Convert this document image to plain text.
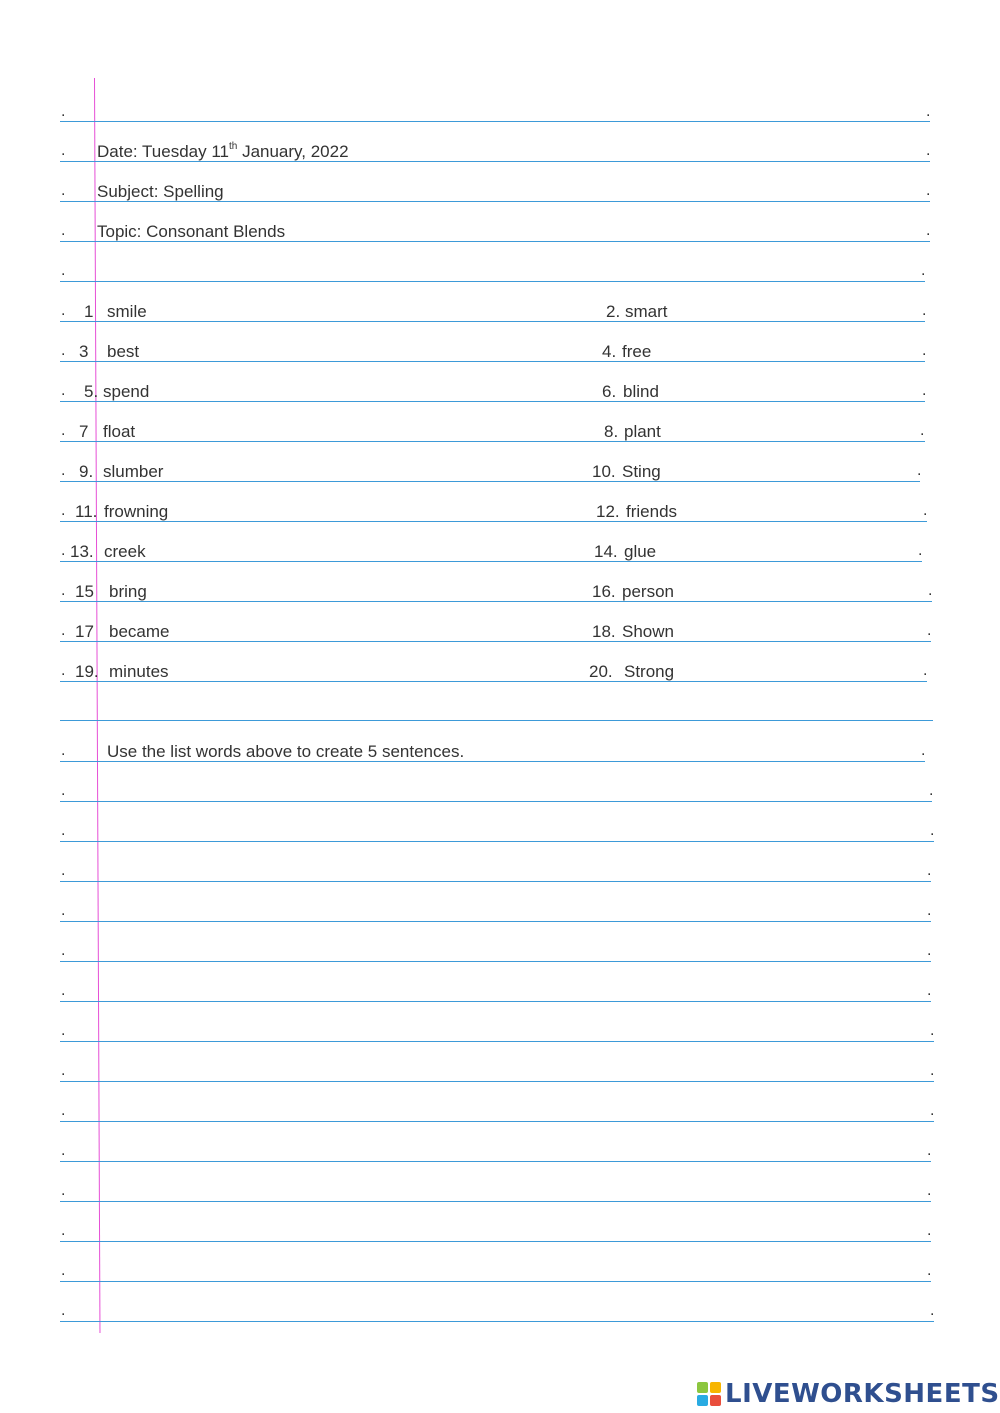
.	.
.	.
Date: Tuesday 11th January, 2022
.	.
Subject: Spelling
.	.
Topic: Consonant Blends
.	.
.	.
1 smile	2. smart
.	.
3 best	4. free
.	.
5. spend	6. blind
.	.
7 float	8. plant
.	.
9. slumber	10. Sting
.	.
11. frowning	12. friends
.	.
13. creek	14. glue
.	.
15 bring	16. person
.	.
17 became	18. Shown
.	.
19. minutes	20. Strong
.	.
Use the list words above to create 5 sentences.
.	.
.	.
.	.
.	.
.	.
.	.
.	.
.	.
.	.
.	.
.	.
.	.
.	.
.	.
LIVEWORKSHEETS
